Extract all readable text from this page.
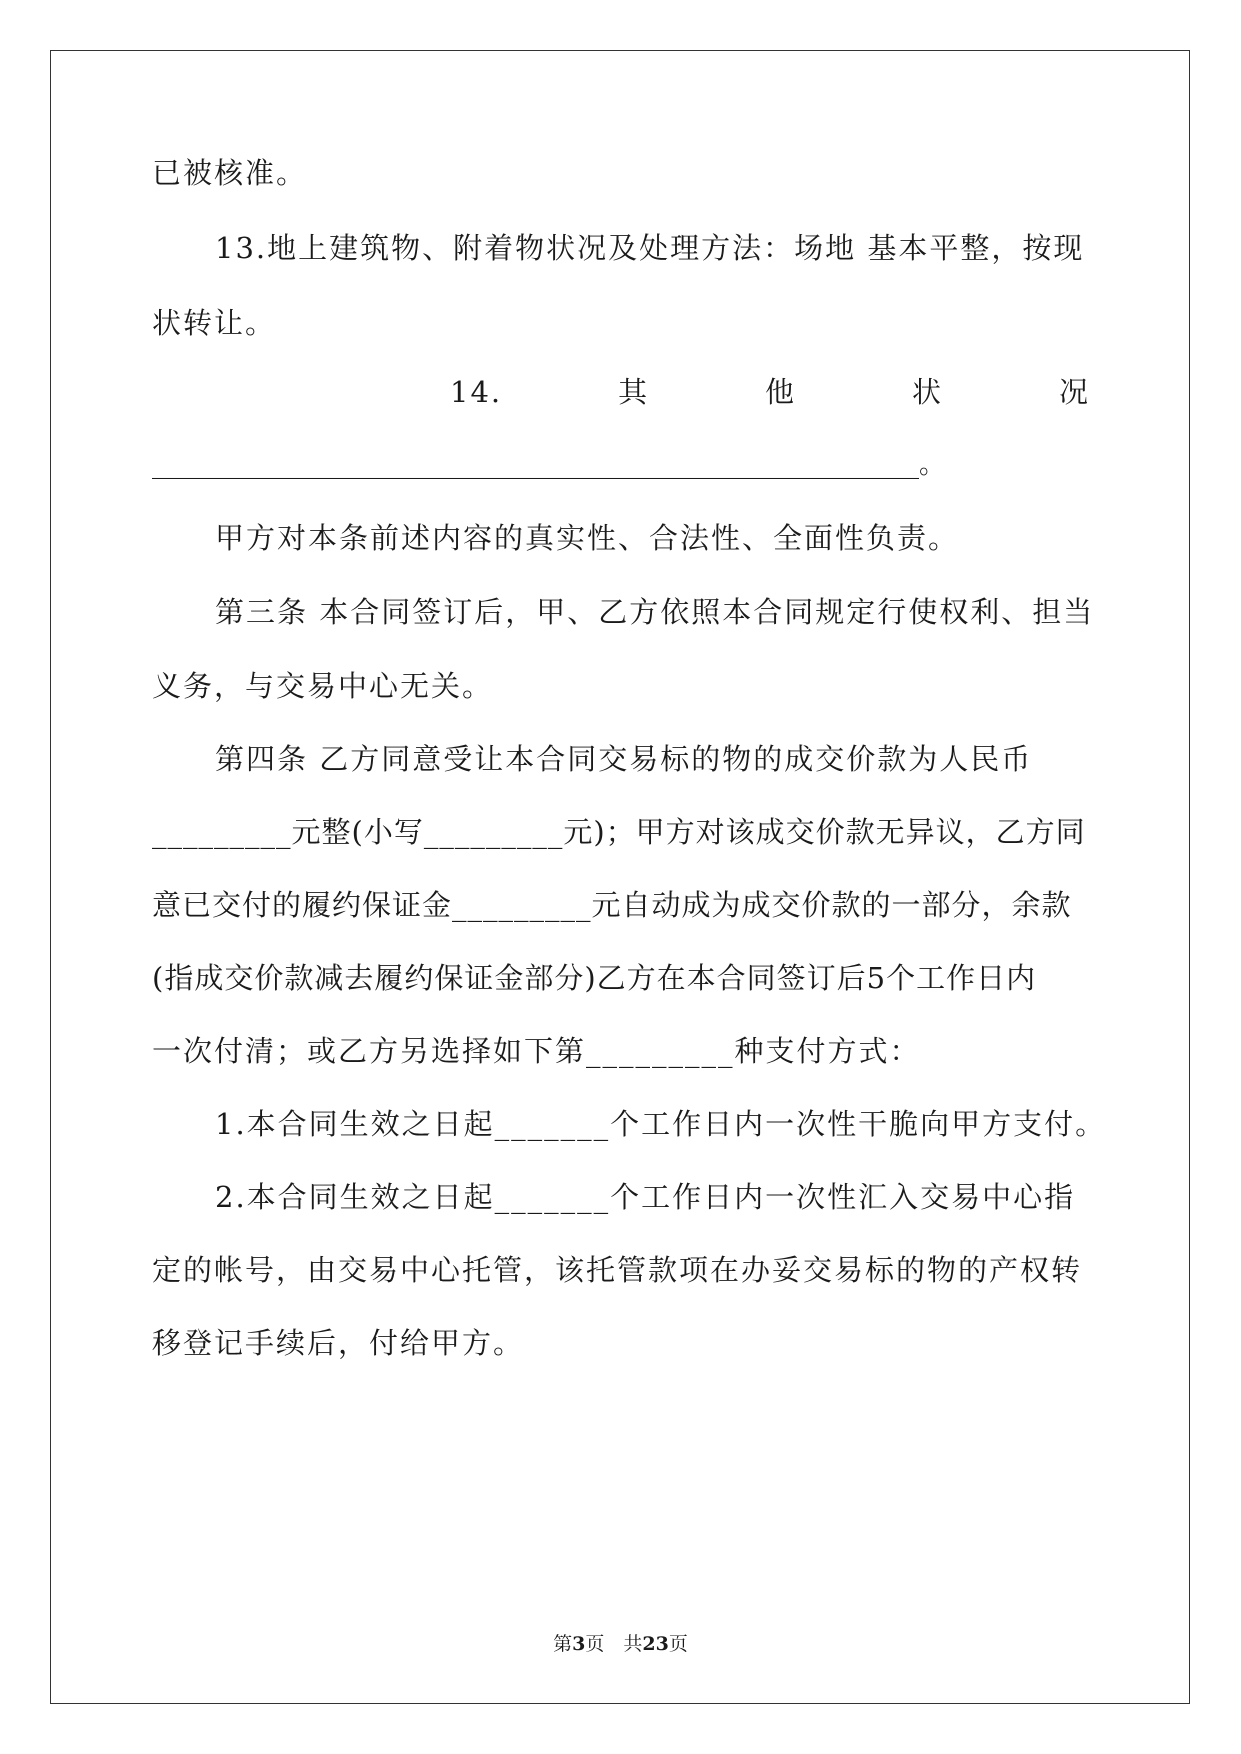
已被核准。
13.地上建筑物、附着物状况及处理方法：场地 基本平整，按现
状转让。
14.	其	他	状	况
___________________________________________________________。
甲方对本条前述内容的真实性、合法性、全面性负责。
第三条 本合同签订后，甲、乙方依照本合同规定行使权利、担当
义务，与交易中心无关。
第四条 乙方同意受让本合同交易标的物的成交价款为人民币
_________元整(小写_________元)；甲方对该成交价款无异议，乙方同
意已交付的履约保证金_________元自动成为成交价款的一部分，余款
(指成交价款减去履约保证金部分)乙方在本合同签订后5个工作日内
一次付清；或乙方另选择如下第_________种支付方式：
1.本合同生效之日起_______个工作日内一次性干脆向甲方支付。
2.本合同生效之日起_______个工作日内一次性汇入交易中心指
定的帐号，由交易中心托管，该托管款项在办妥交易标的物的产权转
移登记手续后，付给甲方。
第3页　共23页
